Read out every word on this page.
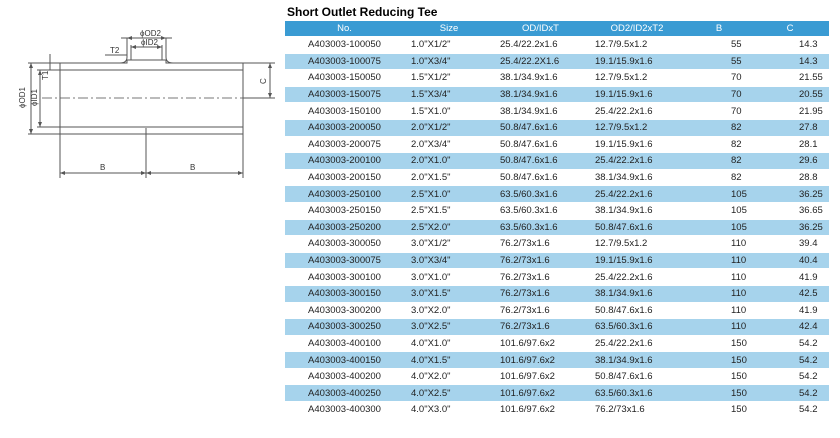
ϕOD2
ϕID2
T2
T1
ϕOD1 ϕID1
C
B	B
Short Outlet Reducing Tee
No.	Size	OD/IDxT	OD2/ID2xT2	B	C
A403003-100050	1.0"X1/2"	25.4/22.2x1.6	12.7/9.5x1.2	55	14.3
A403003-100075	1.0"X3/4"	25.4/22.2X1.6	19.1/15.9x1.6	55	14.3
A403003-150050	1.5"X1/2"	38.1/34.9x1.6	12.7/9.5x1.2	70	21.55
A403003-150075	1.5"X3/4"	38.1/34.9x1.6	19.1/15.9x1.6	70	20.55
A403003-150100	1.5"X1.0"	38.1/34.9x1.6	25.4/22.2x1.6	70	21.95
A403003-200050	2.0"X1/2"	50.8/47.6x1.6	12.7/9.5x1.2	82	27.8
A403003-200075	2.0"X3/4"	50.8/47.6x1.6	19.1/15.9x1.6	82	28.1
A403003-200100	2.0"X1.0"	50.8/47.6x1.6	25.4/22.2x1.6	82	29.6
A403003-200150	2.0"X1.5"	50.8/47.6x1.6	38.1/34.9x1.6	82	28.8
A403003-250100	2.5"X1.0"	63.5/60.3x1.6	25.4/22.2x1.6	105	36.25
A403003-250150	2.5"X1.5"	63.5/60.3x1.6	38.1/34.9x1.6	105	36.65
A403003-250200	2.5"X2.0"	63.5/60.3x1.6	50.8/47.6x1.6	105	36.25
A403003-300050	3.0"X1/2"	76.2/73x1.6	12.7/9.5x1.2	110	39.4
A403003-300075	3.0"X3/4"	76.2/73x1.6	19.1/15.9x1.6	110	40.4
A403003-300100	3.0"X1.0"	76.2/73x1.6	25.4/22.2x1.6	110	41.9
A403003-300150	3.0"X1.5"	76.2/73x1.6	38.1/34.9x1.6	110	42.5
A403003-300200	3.0"X2.0"	76.2/73x1.6	50.8/47.6x1.6	110	41.9
A403003-300250	3.0"X2.5"	76.2/73x1.6	63.5/60.3x1.6	110	42.4
A403003-400100	4.0"X1.0"	101.6/97.6x2	25.4/22.2x1.6	150	54.2
A403003-400150	4.0"X1.5"	101.6/97.6x2	38.1/34.9x1.6	150	54.2
A403003-400200	4.0"X2.0"	101.6/97.6x2	50.8/47.6x1.6	150	54.2
A403003-400250	4.0"X2.5"	101.6/97.6x2	63.5/60.3x1.6	150	54.2
A403003-400300	4.0"X3.0"	101.6/97.6x2	76.2/73x1.6	150	54.2
